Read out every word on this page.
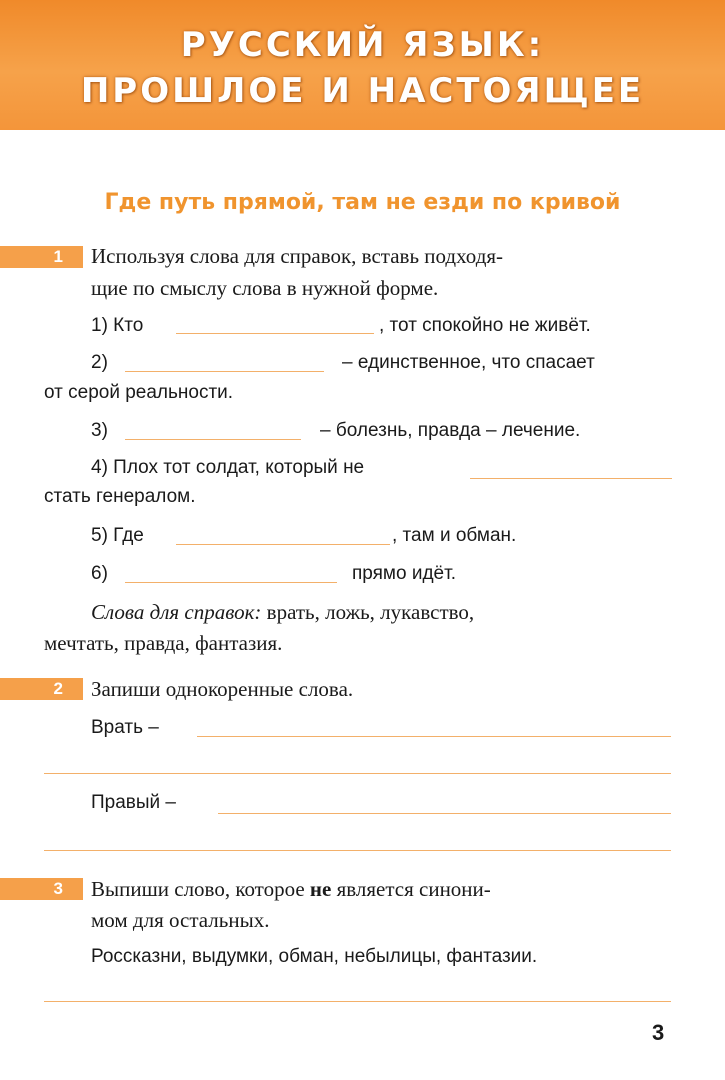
РУССКИЙ ЯЗЫК:
ПРОШЛОЕ И НАСТОЯЩЕЕ
Где путь прямой, там не езди по кривой
1	Используя слова для справок, вставь подходя-
щие по смыслу слова в нужной форме.
1) Кто	, тот спокойно не живёт.
2)	– единственное, что спасает
от серой реальности.
3)	– болезнь, правда – лечение.
4) Плох тот солдат, который не
стать генералом.
5) Где	, там и обман.
6)	прямо идёт.
Слова для справок: врать, ложь, лукавство,
мечтать, правда, фантазия.
2	Запиши однокоренные слова.
Врать –
Правый –
3	Выпиши слово, которое не является синони-
мом для остальных.
Россказни, выдумки, обман, небылицы, фантазии.
3
